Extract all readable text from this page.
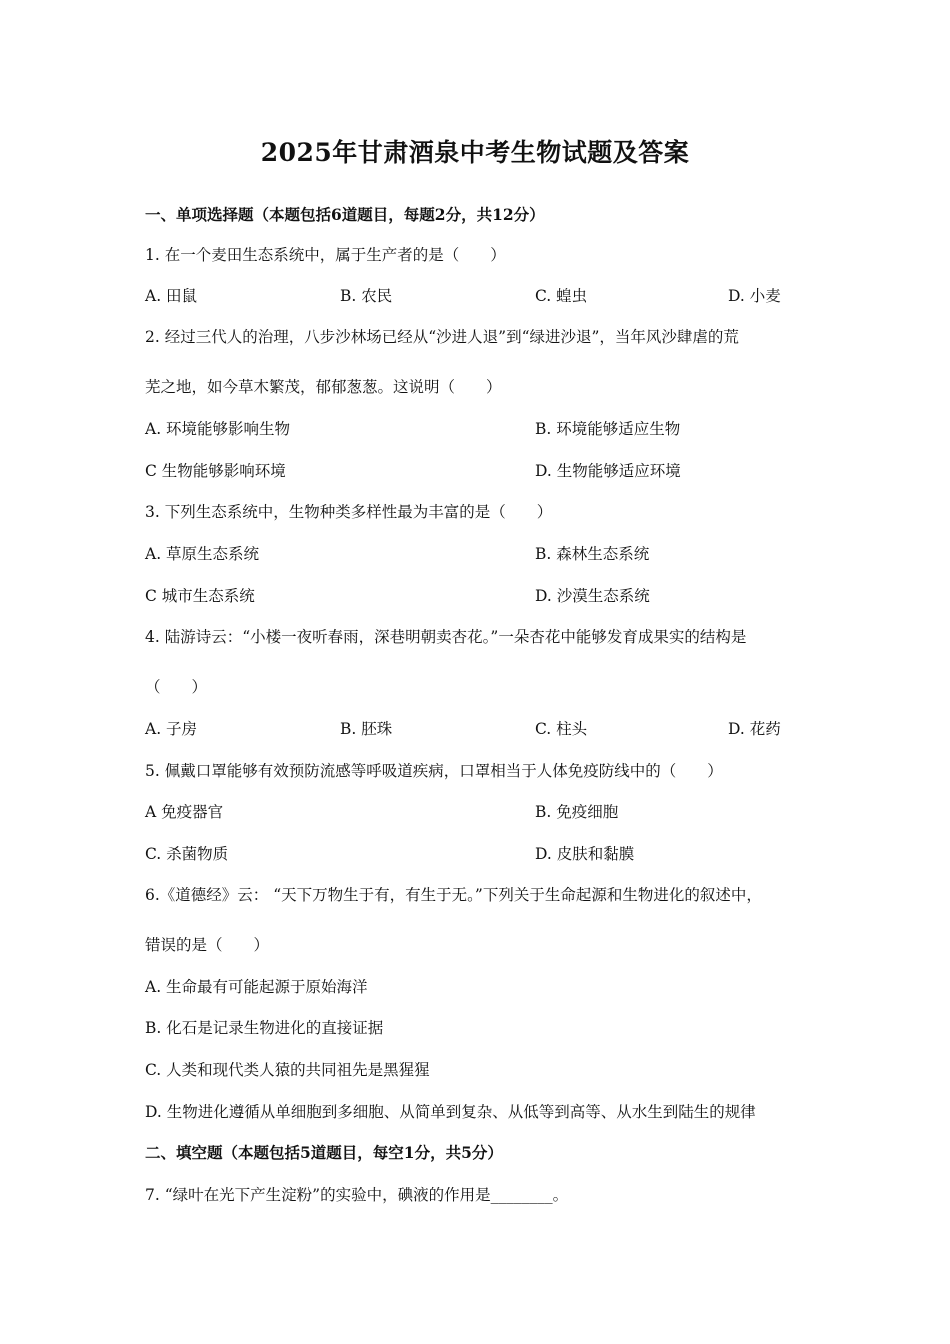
2025年甘肃酒泉中考生物试题及答案
一、单项选择题（本题包括6道题目，每题2分，共12分）
1. 在一个麦田生态系统中，属于生产者的是（　　）
A. 田鼠	B. 农民	C. 蝗虫	D. 小麦
2. 经过三代人的治理，八步沙林场已经从“沙进人退”到“绿进沙退”，当年风沙肆虐的荒
芜之地，如今草木繁茂，郁郁葱葱。这说明（　　）
A. 环境能够影响生物	B. 环境能够适应生物
C 生物能够影响环境	D. 生物能够适应环境
3. 下列生态系统中，生物种类多样性最为丰富的是（　　）
A. 草原生态系统	B. 森林生态系统
C 城市生态系统	D. 沙漠生态系统
4. 陆游诗云：“小楼一夜听春雨，深巷明朝卖杏花。”一朵杏花中能够发育成果实的结构是
（　　）
A. 子房	B. 胚珠	C. 柱头	D. 花药
5. 佩戴口罩能够有效预防流感等呼吸道疾病，口罩相当于人体免疫防线中的（　　）
A 免疫器官	B. 免疫细胞
C. 杀菌物质	D. 皮肤和黏膜
6.《道德经》云： “天下万物生于有，有生于无。”下列关于生命起源和生物进化的叙述中，
错误的是（　　）
A. 生命最有可能起源于原始海洋
B. 化石是记录生物进化的直接证据
C. 人类和现代类人猿的共同祖先是黑猩猩
D. 生物进化遵循从单细胞到多细胞、从简单到复杂、从低等到高等、从水生到陆生的规律
二、填空题（本题包括5道题目，每空1分，共5分）
7. “绿叶在光下产生淀粉”的实验中，碘液的作用是________。
